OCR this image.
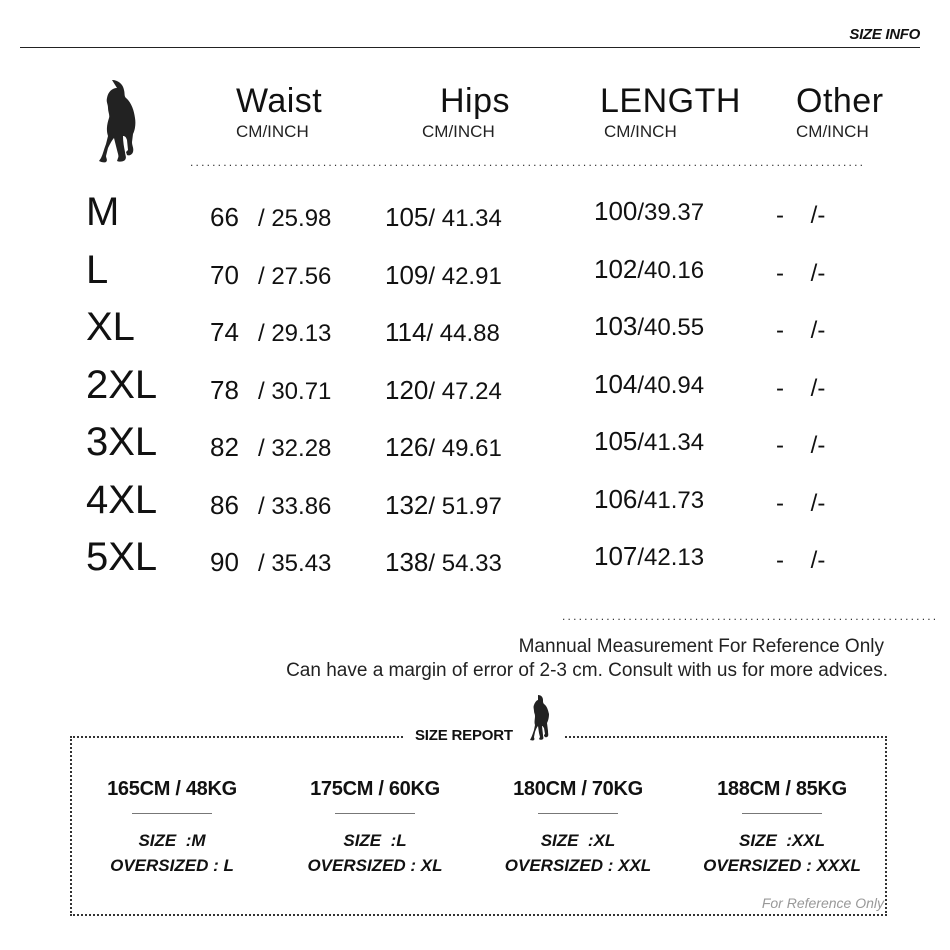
SIZE INFO
Waist
CM/INCH
Hips
CM/INCH
LENGTH
CM/INCH
Other
CM/INCH
..........................................................................................................................
M	66 / 25.98 105/ 41.34	100/39.37	-    /-
L	70 / 27.56 109/ 42.91	102/40.16	-    /-
XL	74 / 29.13 114/ 44.88	103/40.55	-    /-
2XL 78 / 30.71 120/ 47.24	104/40.94	-    /-
3XL 82 / 32.28 126/ 49.61	105/41.34	-    /-
4XL 86 / 33.86 132/ 51.97	106/41.73	-    /-
5XL 90 / 35.43 138/ 54.33	107/42.13	-    /-
....................................................................
Mannual Measurement For Reference Only
Can have a margin of error of 2-3 cm. Consult with us for more advices.
SIZE REPORT
165CM / 48KG
SIZE  :M
OVERSIZED : L
175CM / 60KG
SIZE  :L
OVERSIZED : XL
180CM / 70KG
SIZE  :XL
OVERSIZED : XXL
188CM / 85KG
SIZE  :XXL
OVERSIZED : XXXL
For Reference Only
